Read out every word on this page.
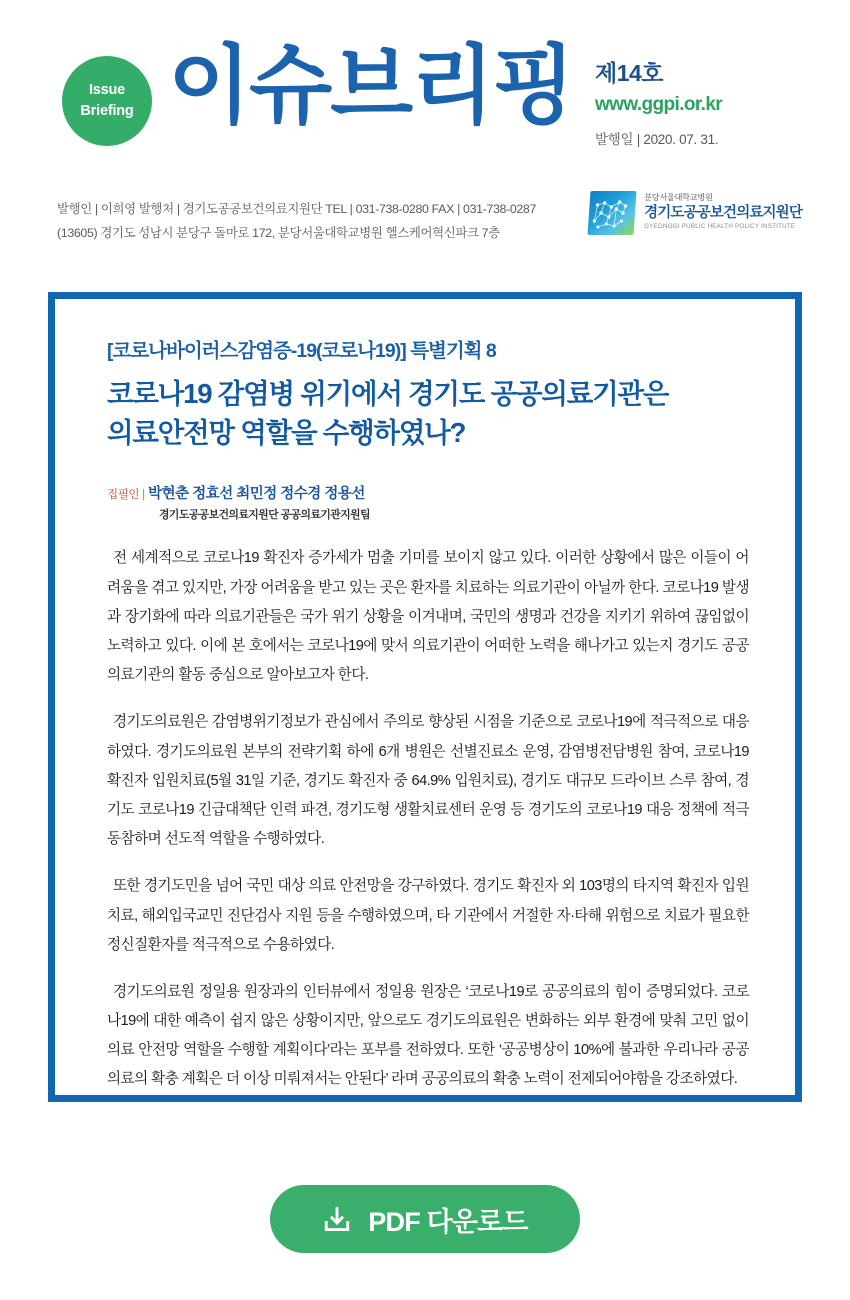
Issue
Briefing 이슈브리핑 제14호
www.ggpi.or.kr
발행일 | 2020. 07. 31.
발행인 | 이희영 발행처 | 경기도공공보건의료지원단 TEL | 031-738-0280 FAX | 031-738-0287
(13605) 경기도 성남시 분당구 돌마로 172, 분당서울대학교병원 헬스케어혁신파크 7층
분당서울대학교병원
경기도공공보건의료지원단
GYEONGGI PUBLIC HEALTH POLICY INSTITUTE
[코로나바이러스감염증-19(코로나19)] 특별기획 8
코로나19 감염병 위기에서 경기도 공공의료기관은
의료안전망 역할을 수행하였나?
집필인 | 박현춘 정효선 최민정 정수경 정용선
경기도공공보건의료지원단 공공의료기관지원팀

전 세계적으로 코로나19 확진자 증가세가 멈출 기미를 보이지 않고 있다. 이러한 상황에서 많은 이들이 어려움을 겪고 있지만, 가장 어려움을 받고 있는 곳은 환자를 치료하는 의료기관이 아닐까 한다. 코로나19 발생과 장기화에 따라 의료기관들은 국가 위기 상황을 이겨내며, 국민의 생명과 건강을 지키기 위하여 끊임없이 노력하고 있다. 이에 본 호에서는 코로나19에 맞서 의료기관이 어떠한 노력을 해나가고 있는지 경기도 공공의료기관의 활동 중심으로 알아보고자 한다.

경기도의료원은 감염병위기정보가 관심에서 주의로 향상된 시점을 기준으로 코로나19에 적극적으로 대응하였다. 경기도의료원 본부의 전략기획 하에 6개 병원은 선별진료소 운영, 감염병전담병원 참여, 코로나19 확진자 입원치료(5월 31일 기준, 경기도 확진자 중 64.9% 입원치료), 경기도 대규모 드라이브 스루 참여, 경기도 코로나19 긴급대책단 인력 파견, 경기도형 생활치료센터 운영 등 경기도의 코로나19 대응 정책에 적극 동참하며 선도적 역할을 수행하였다.

또한 경기도민을 넘어 국민 대상 의료 안전망을 강구하였다. 경기도 확진자 외 103명의 타지역 확진자 입원치료, 해외입국교민 진단검사 지원 등을 수행하였으며, 타 기관에서 거절한 자·타해 위험으로 치료가 필요한 정신질환자를 적극적으로 수용하였다.

경기도의료원 정일용 원장과의 인터뷰에서 정일용 원장은 ‘코로나19로 공공의료의 힘이 증명되었다. 코로나19에 대한 예측이 쉽지 않은 상황이지만, 앞으로도 경기도의료원은 변화하는 외부 환경에 맞춰 고민 없이 의료 안전망 역할을 수행할 계획이다’라는 포부를 전하였다. 또한 ‘공공병상이 10%에 불과한 우리나라 공공의료의 확충 계획은 더 이상 미뤄져서는 안된다’ 라며 공공의료의 확충 노력이 전제되어야함을 강조하였다.

PDF 다운로드
